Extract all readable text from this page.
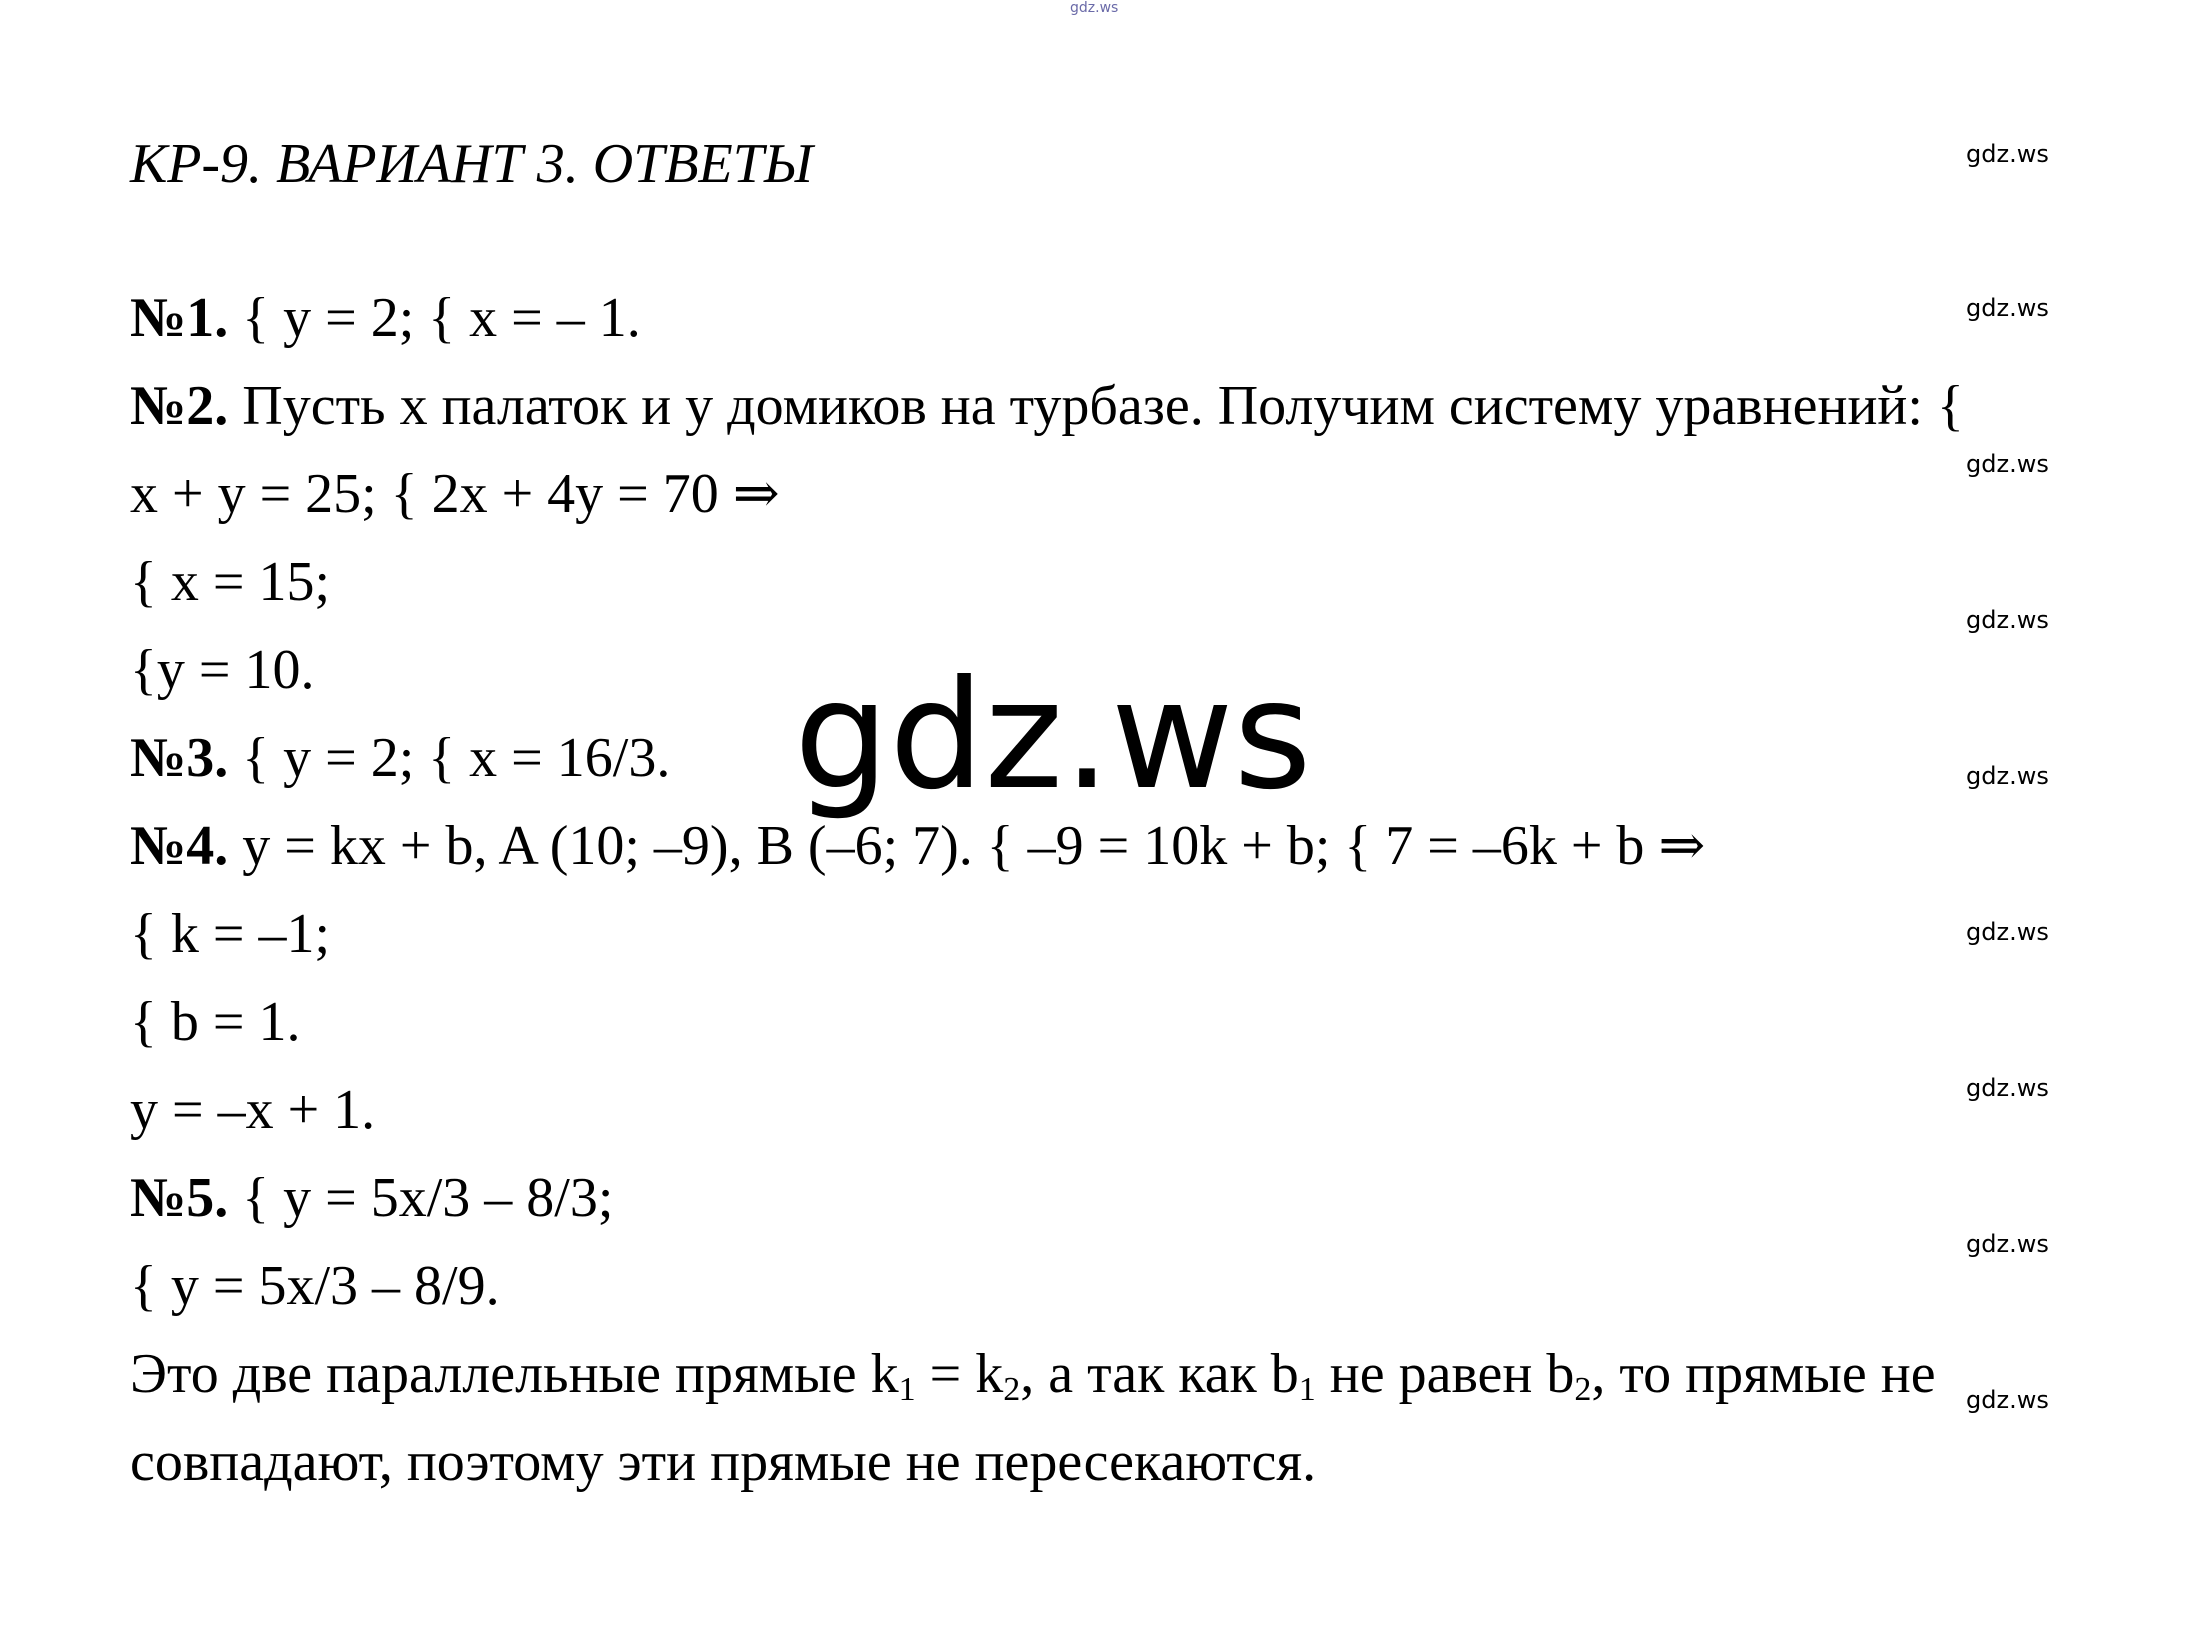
gdz.ws
КР-9. ВАРИАНТ 3. ОТВЕТЫ	gdz.ws
gdz.ws
gdz.ws
gdz.ws
gdz.ws
gdz.ws
gdz.ws
gdz.ws
gdz.ws
№1. { y = 2; { x = – 1.
№2. Пусть x палаток и y домиков на турбазе. Получим систему уравнений: {
x + y = 25; { 2x + 4y = 70 ⇒
{ x = 15;
{y = 10.
№3. { y = 2; { x = 16/3.
№4. y = kx + b, A (10; –9), B (–6; 7). { –9 = 10k + b; { 7 = –6k + b ⇒
{ k = –1;
{ b = 1.
y = –x + 1.
№5. { y = 5x/3 – 8/3;
{ y = 5x/3 – 8/9.
Это две параллельные прямые $k_1 = k_2$, а так как $b_1$ не равен $b_2$, то прямые не
совпадают, поэтому эти прямые не пересекаются.
gdz.ws
